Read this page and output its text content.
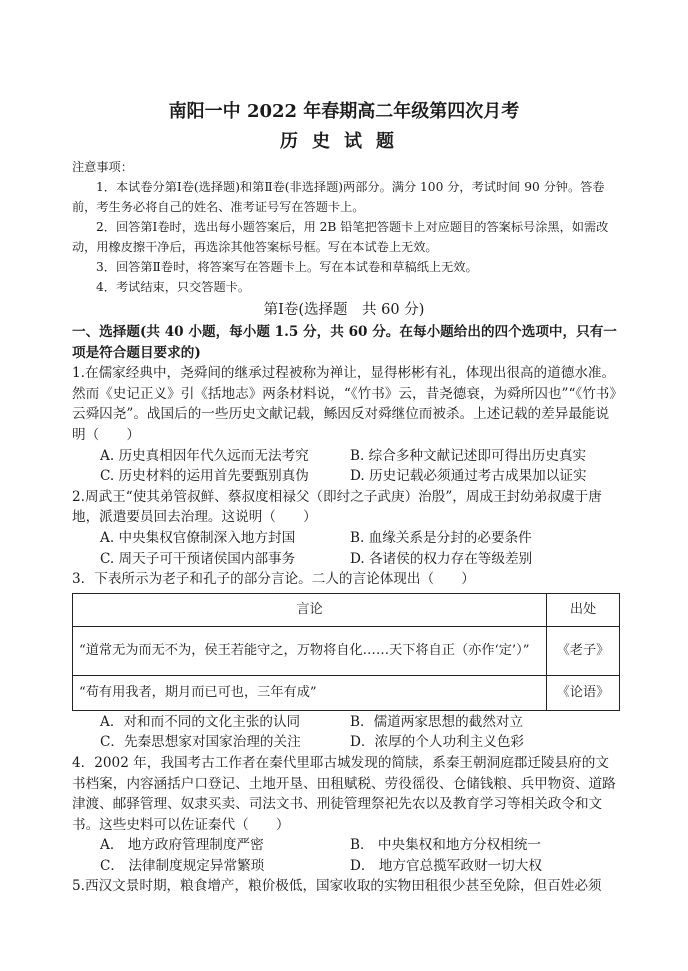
南阳一中 2022 年春期高二年级第四次月考
历史试题

注意事项：

1．本试卷分第Ⅰ卷(选择题)和第Ⅱ卷(非选择题)两部分。满分 100 分，考试时间 90 分钟。答卷前，考生务必将自己的姓名、准考证号写在答题卡上。

2．回答第Ⅰ卷时，选出每小题答案后，用 2B 铅笔把答题卡上对应题目的答案标号涂黑，如需改动，用橡皮擦干净后，再选涂其他答案标号框。写在本试卷上无效。

3．回答第Ⅱ卷时，将答案写在答题卡上。写在本试卷和草稿纸上无效。

4．考试结束，只交答题卡。

第Ⅰ卷(选择题　共 60 分)

一、选择题(共 40 小题，每小题 1.5 分，共 60 分。在每小题给出的四个选项中，只有一项是符合题目要求的)

1.在儒家经典中，尧舜间的继承过程被称为禅让，显得彬彬有礼，体现出很高的道德水准。然而《史记正义》引《括地志》两条材料说，“《竹书》云，昔尧德衰，为舜所囚也”“《竹书》云舜囚尧”。战国后的一些历史文献记载，鲧因反对舜继位而被杀。上述记载的差异最能说明（　　）

A. 历史真相因年代久远而无法考究	B. 综合多种文献记述即可得出历史真实
C. 历史材料的运用首先要甄别真伪	D. 历史记载必须通过考古成果加以证实

2.周武王“使其弟管叔鲜、蔡叔度相禄父（即纣之子武庚）治殷”，周成王封幼弟叔虞于唐地，派遣要员回去治理。这说明（　　）

A. 中央集权官僚制深入地方封国	B. 血缘关系是分封的必要条件
C. 周天子可干预诸侯国内部事务	D. 各诸侯的权力存在等级差别

3．下表所示为老子和孔子的部分言论。二人的言论体现出（　　）

言论	出处
“道常无为而无不为，侯王若能守之，万物将自化……天下将自正（亦作‘定’）”	《老子》
“苟有用我者，期月而已可也，三年有成”	《论语》
A．对和而不同的文化主张的认同	B．儒道两家思想的截然对立
C．先秦思想家对国家治理的关注	D．浓厚的个人功利主义色彩

4．2002 年，我国考古工作者在秦代里耶古城发现的简牍，系秦王朝洞庭郡迁陵县府的文书档案，内容涵括户口登记、土地开垦、田租赋税、劳役徭役、仓储钱粮、兵甲物资、道路津渡、邮驿管理、奴隶买卖、司法文书、刑徒管理祭祀先农以及教育学习等相关政令和文书。这些史料可以佐证秦代（　　）

A． 地方政府管理制度严密	B． 中央集权和地方分权相统一
C． 法律制度规定异常繁琐	D． 地方官总揽军政财一切大权

5.西汉文景时期，粮食增产，粮价极低，国家收取的实物田租很少甚至免除，但百姓必须
